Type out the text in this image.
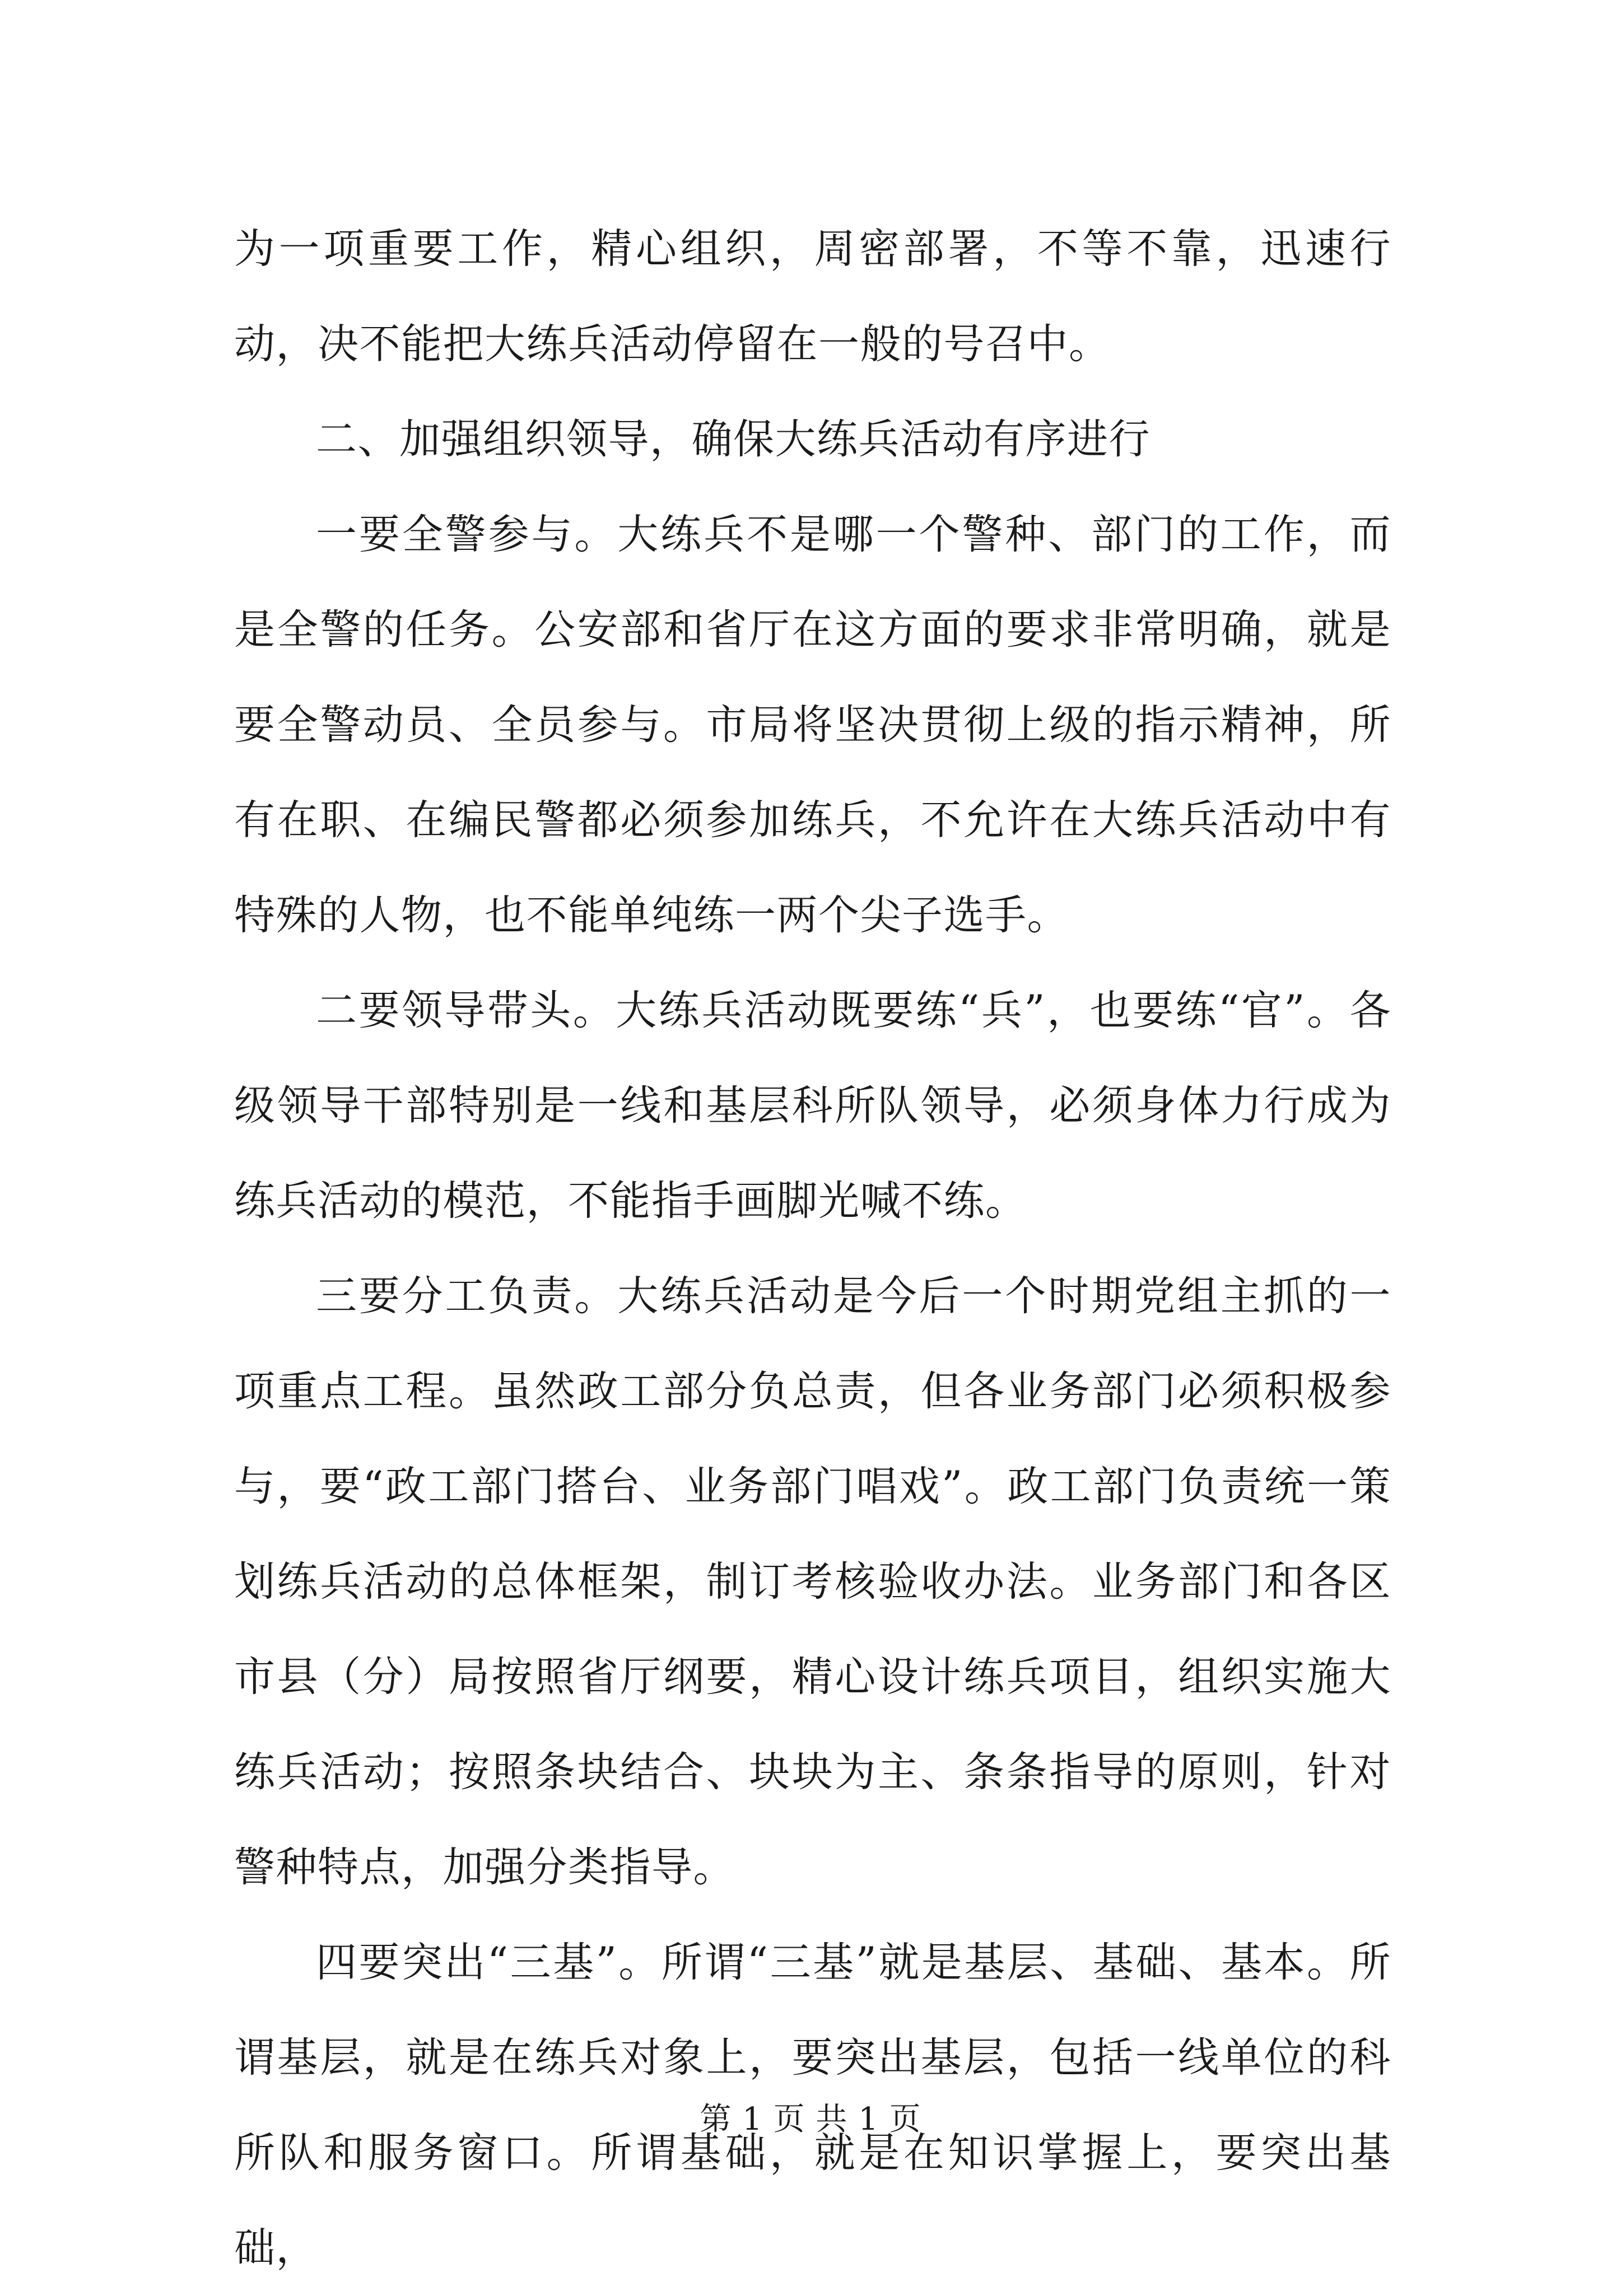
为一项重要工作，精心组织，周密部署，不等不靠，迅速行动，决不能把大练兵活动停留在一般的号召中。

二、加强组织领导，确保大练兵活动有序进行

一要全警参与。大练兵不是哪一个警种、部门的工作，而是全警的任务。公安部和省厅在这方面的要求非常明确，就是要全警动员、全员参与。市局将坚决贯彻上级的指示精神，所有在职、在编民警都必须参加练兵，不允许在大练兵活动中有特殊的人物，也不能单纯练一两个尖子选手。

二要领导带头。大练兵活动既要练“兵”，也要练“官”。各级领导干部特别是一线和基层科所队领导，必须身体力行成为练兵活动的模范，不能指手画脚光喊不练。

三要分工负责。大练兵活动是今后一个时期党组主抓的一项重点工程。虽然政工部分负总责，但各业务部门必须积极参与，要“政工部门搭台、业务部门唱戏”。政工部门负责统一策划练兵活动的总体框架，制订考核验收办法。业务部门和各区市县（分）局按照省厅纲要，精心设计练兵项目，组织实施大练兵活动；按照条块结合、块块为主、条条指导的原则，针对警种特点，加强分类指导。

四要突出“三基”。所谓“三基”就是基层、基础、基本。所谓基层，就是在练兵对象上，要突出基层，包括一线单位的科所队和服务窗口。所谓基础，就是在知识掌握上，要突出基础，

第 1 页 共 1 页
